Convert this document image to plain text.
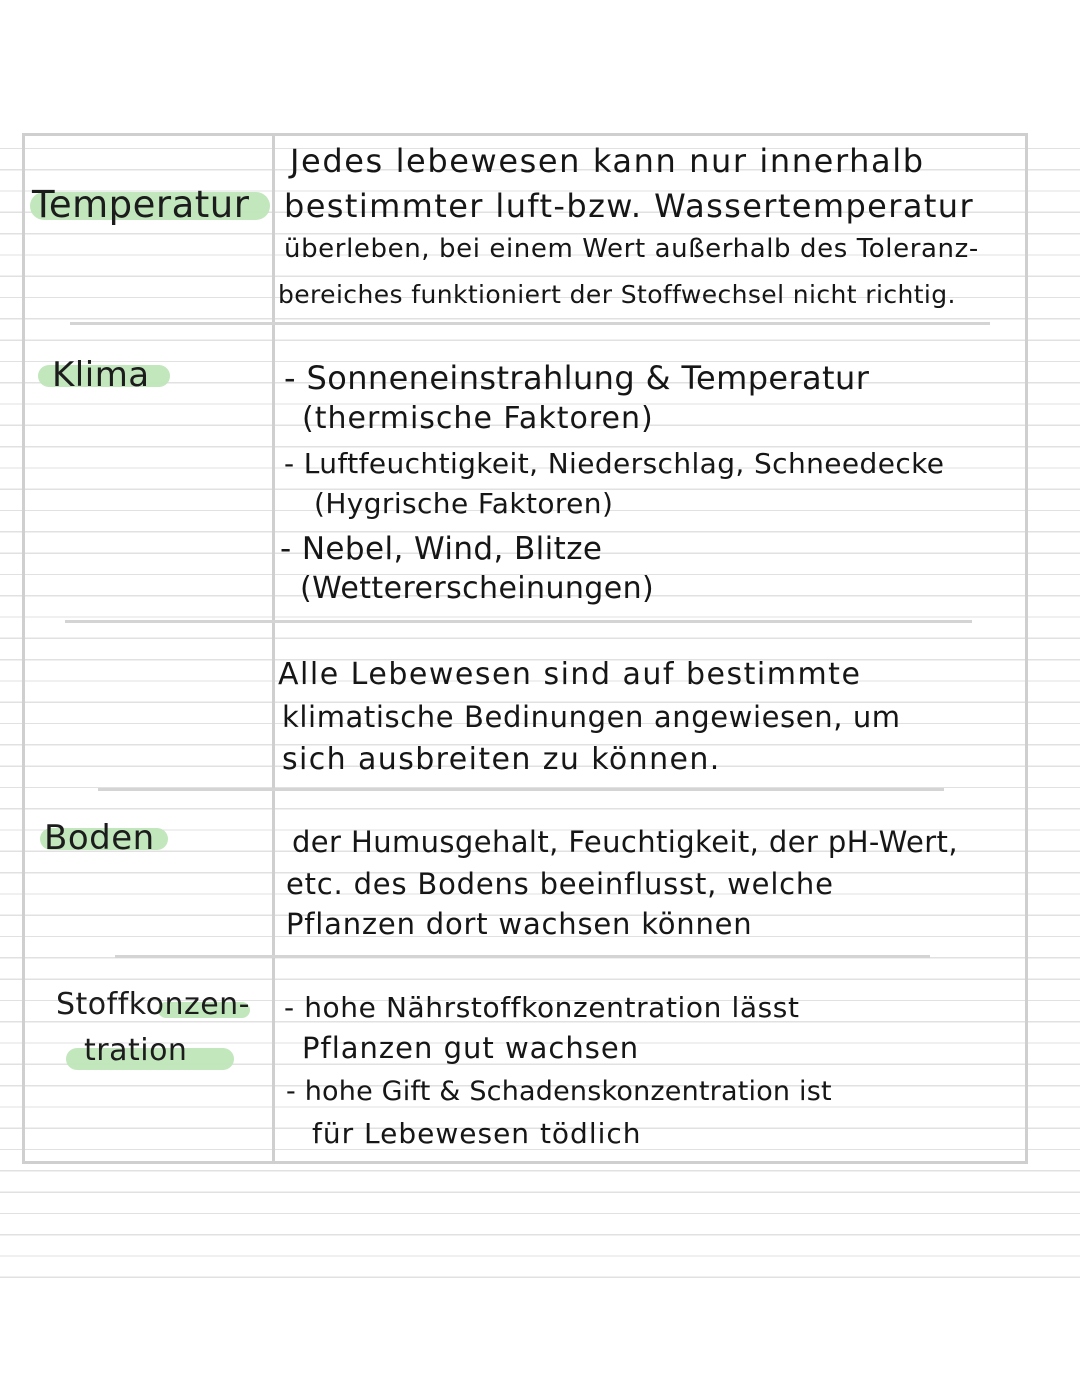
Temperatur
Jedes lebewesen kann nur innerhalb
bestimmter luft-bzw. Wassertemperatur
überleben, bei einem Wert außerhalb des Toleranz-
bereiches funktioniert der Stoffwechsel nicht richtig.
Klima	- Sonneneinstrahlung & Temperatur
(thermische Faktoren)
- Luftfeuchtigkeit, Niederschlag, Schneedecke
(Hygrische Faktoren)
- Nebel, Wind, Blitze
(Wettererscheinungen)
Alle Lebewesen sind auf bestimmte
klimatische Bedinungen angewiesen, um
sich ausbreiten zu können.
Boden	der Humusgehalt, Feuchtigkeit, der pH-Wert,
etc. des Bodens beeinflusst, welche
Pflanzen dort wachsen können
Stoffkonzen-
tration
- hohe Nährstoffkonzentration lässt
Pflanzen gut wachsen
- hohe Gift & Schadenskonzentration ist
für Lebewesen tödlich
